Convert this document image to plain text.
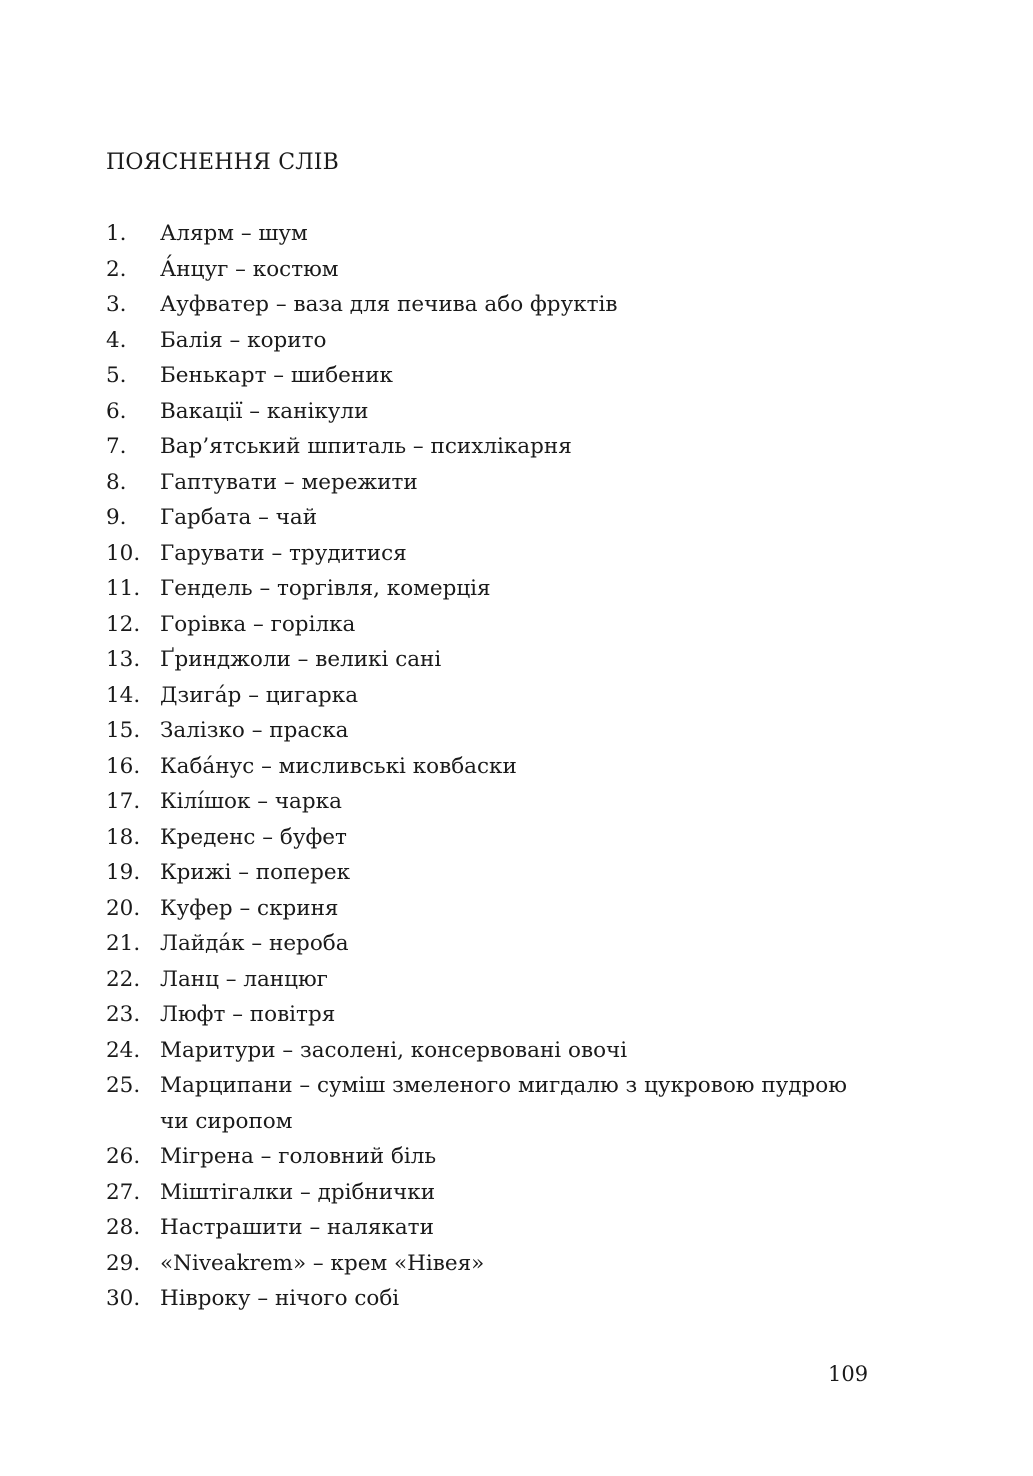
ПОЯСНЕННЯ СЛІВ
1.	Алярм – шум
2.	А́нцуг – костюм
3.	Ауфватер – ваза для печива або фруктів
4.	Балія – корито
5.	Бенькарт – шибеник
6.	Вакації – канікули
7.	Вар’ятський шпиталь – психлікарня
8.	Гаптувати – мережити
9.	Гарбата – чай
10. Гарувати – трудитися
11. Гендель – торгівля, комерція
12. Горівка – горілка
13. Ґринджоли – великі сані
14. Дзига́р – цигарка
15. Залізко – праска
16. Каба́нус – мисливські ковбаски
17. Кілі́шок – чарка
18. Креденс – буфет
19. Крижі – поперек
20. Куфер – скриня
21. Лайда́к – нероба
22. Ланц – ланцюг
23. Люфт – повітря
24. Маритури – засолені, консервовані овочі
25. Марципани – суміш змеленого мигдалю з цукровою пудрою чи сиропом
26. Мігрена – головний біль
27. Мiштiгалки – дрібнички
28. Настрашити – налякати
29. «Niveakrem» – крем «Нівея»
30. Нівроку – нічого собі
109
